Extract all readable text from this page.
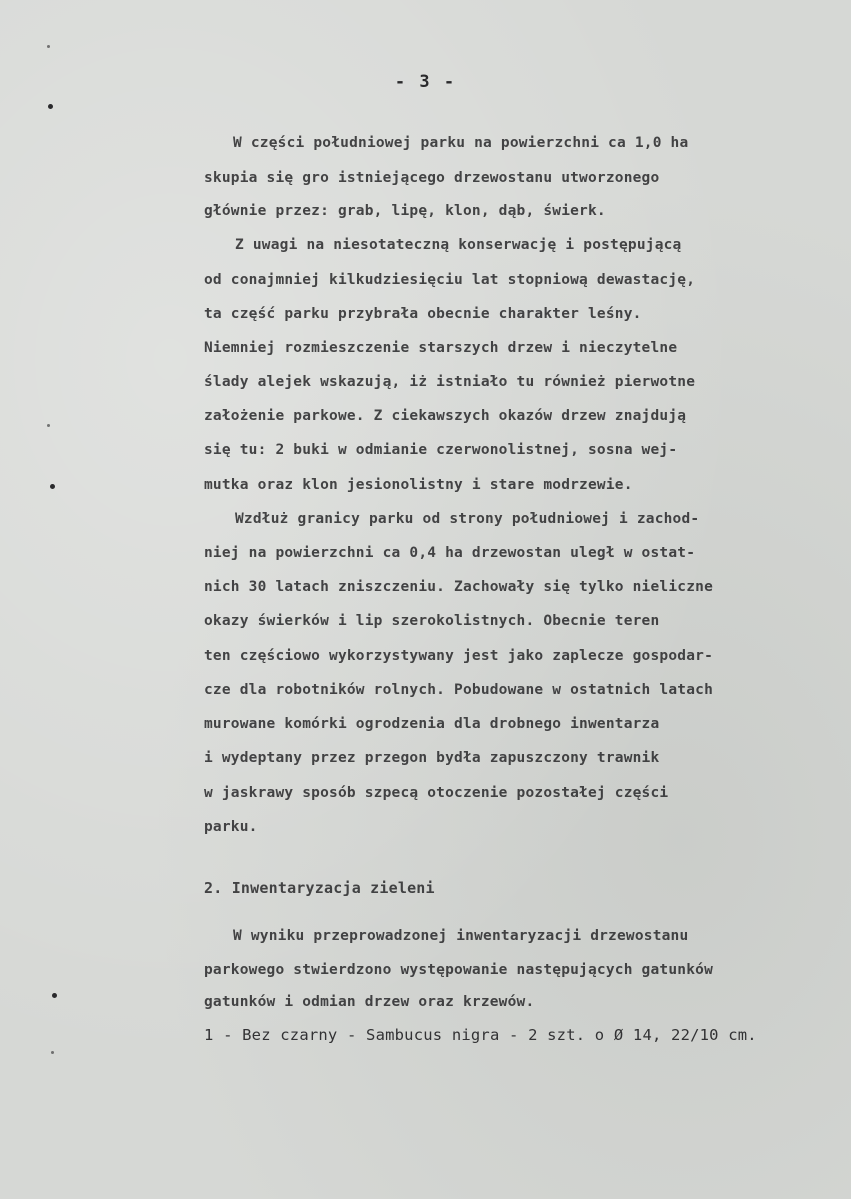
- 3 -
W części południowej parku na powierzchni ca 1,0 ha
skupia się gro istniejącego drzewostanu utworzonego
głównie przez: grab, lipę, klon, dąb, świerk.
Z uwagi na niesotateczną konserwację i postępującą
od conajmniej kilkudziesięciu lat stopniową dewastację,
ta część parku przybrała obecnie charakter leśny.
Niemniej rozmieszczenie starszych drzew i nieczytelne
ślady alejek wskazują, iż istniało tu również pierwotne
założenie parkowe. Z ciekawszych okazów drzew znajdują
się tu: 2 buki w odmianie czerwonolistnej, sosna wej-
mutka oraz klon jesionolistny i stare modrzewie.
Wzdłuż granicy parku od strony południowej i zachod-
niej na powierzchni ca 0,4 ha drzewostan uległ w ostat-
nich 30 latach zniszczeniu. Zachowały się tylko nieliczne
okazy świerków i lip szerokolistnych. Obecnie teren
ten częściowo wykorzystywany jest jako zaplecze gospodar-
cze dla robotników rolnych. Pobudowane w ostatnich latach
murowane komórki ogrodzenia dla drobnego inwentarza
i wydeptany przez przegon bydła zapuszczony trawnik
w jaskrawy sposób szpecą otoczenie pozostałej części
parku.
2. Inwentaryzacja zieleni
W wyniku przeprowadzonej inwentaryzacji drzewostanu
parkowego stwierdzono występowanie następujących gatunków
gatunków i odmian drzew oraz krzewów.
1 - Bez czarny - Sambucus nigra - 2 szt. o Ø 14, 22/10 cm.
